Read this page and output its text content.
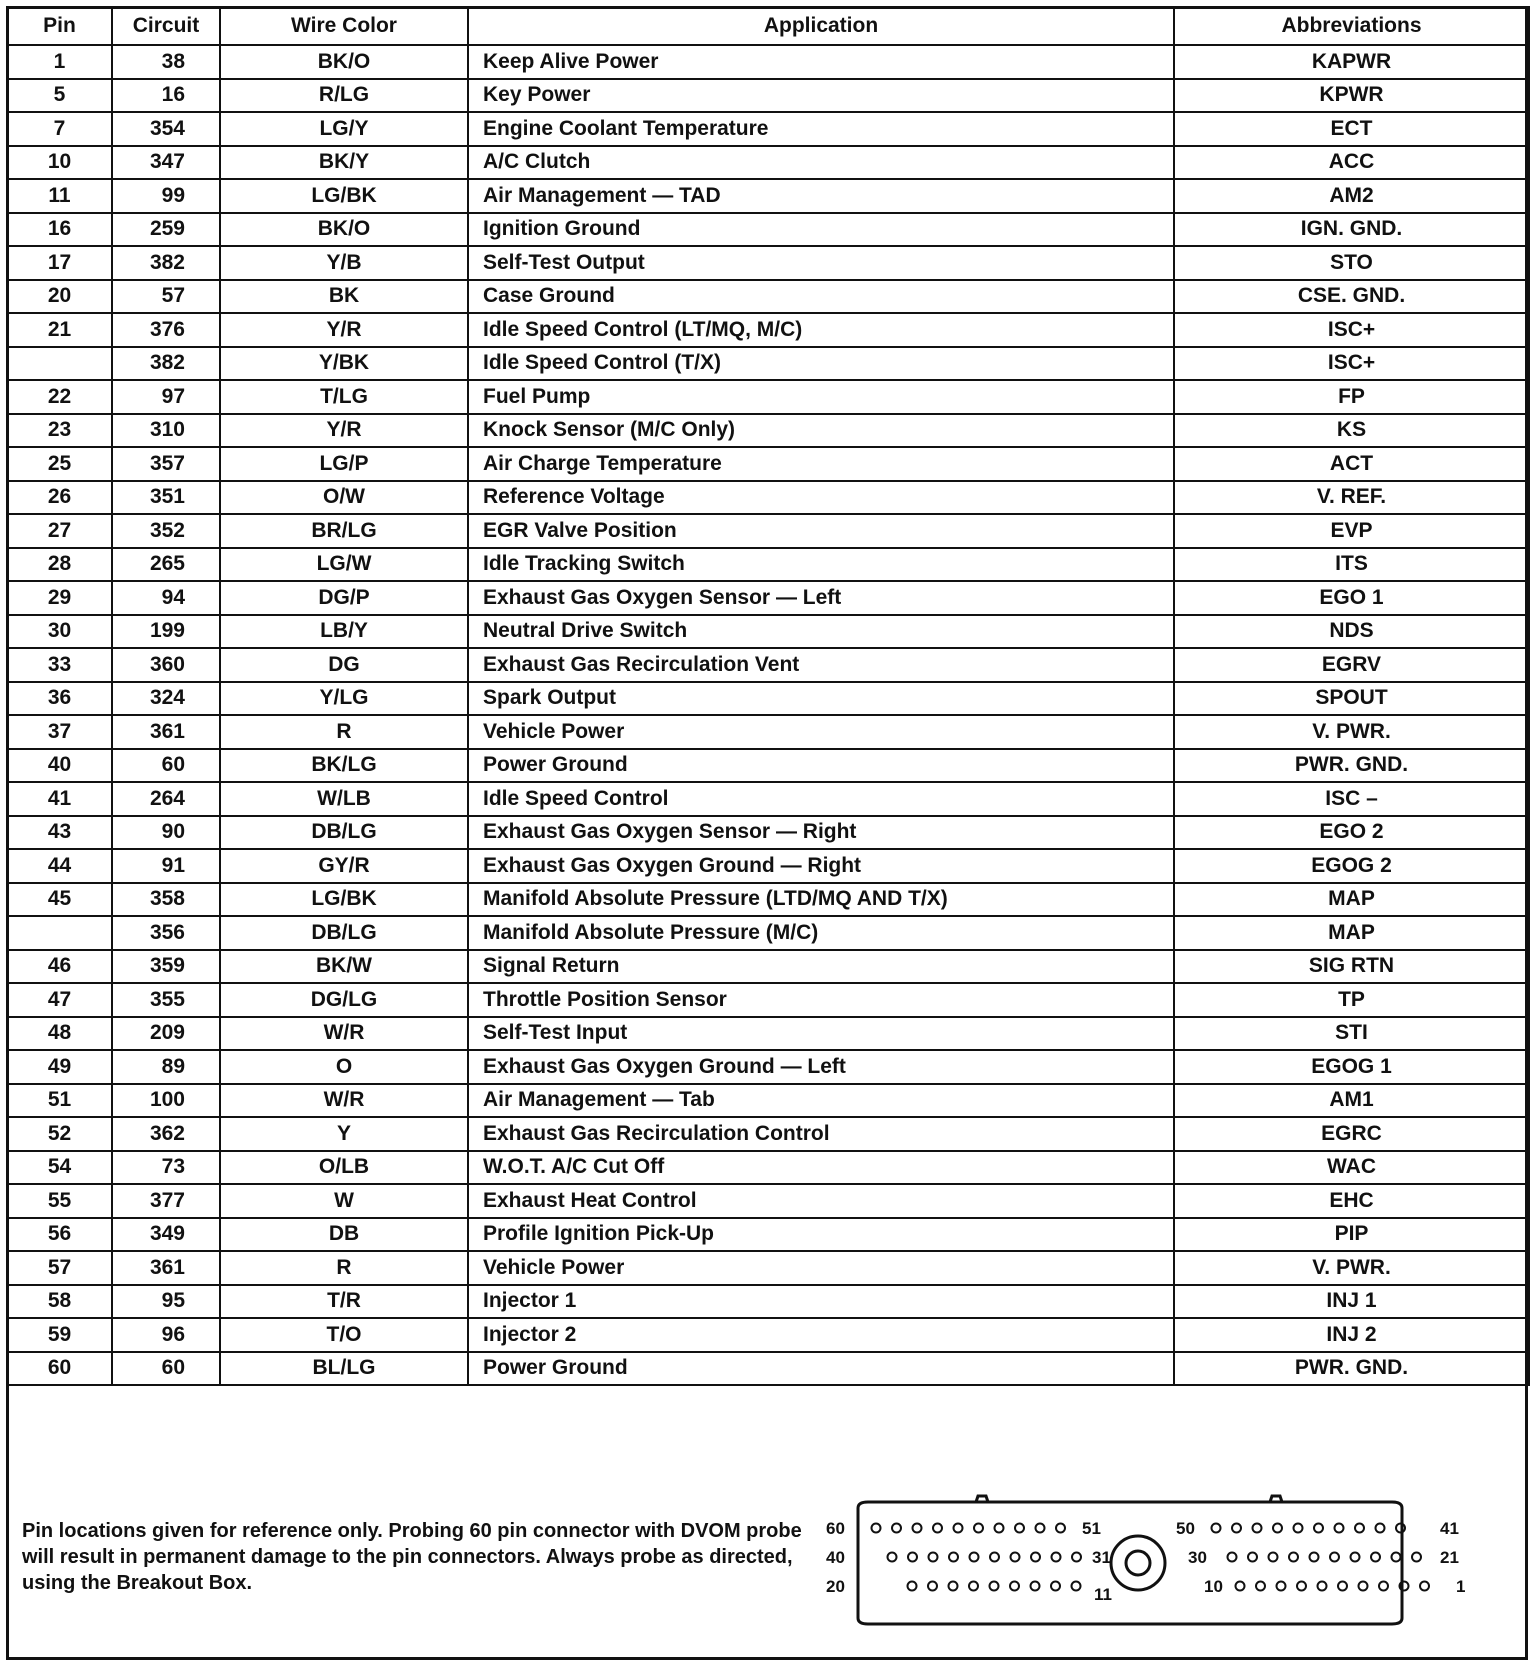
Pin	Circuit	Wire Color	Application	Abbreviations
1	38	BK/O	Keep Alive Power	KAPWR
5	16	R/LG	Key Power	KPWR
7	354	LG/Y	Engine Coolant Temperature	ECT
10	347	BK/Y	A/C Clutch	ACC
11	99	LG/BK	Air Management — TAD	AM2
16	259	BK/O	Ignition Ground	IGN. GND.
17	382	Y/B	Self-Test Output	STO
20	57	BK	Case Ground	CSE. GND.
21	376	Y/R	Idle Speed Control (LT/MQ, M/C)	ISC+
	382	Y/BK	Idle Speed Control (T/X)	ISC+
22	97	T/LG	Fuel Pump	FP
23	310	Y/R	Knock Sensor (M/C Only)	KS
25	357	LG/P	Air Charge Temperature	ACT
26	351	O/W	Reference Voltage	V. REF.
27	352	BR/LG	EGR Valve Position	EVP
28	265	LG/W	Idle Tracking Switch	ITS
29	94	DG/P	Exhaust Gas Oxygen Sensor — Left	EGO 1
30	199	LB/Y	Neutral Drive Switch	NDS
33	360	DG	Exhaust Gas Recirculation Vent	EGRV
36	324	Y/LG	Spark Output	SPOUT
37	361	R	Vehicle Power	V. PWR.
40	60	BK/LG	Power Ground	PWR. GND.
41	264	W/LB	Idle Speed Control	ISC –
43	90	DB/LG	Exhaust Gas Oxygen Sensor — Right	EGO 2
44	91	GY/R	Exhaust Gas Oxygen Ground — Right	EGOG 2
45	358	LG/BK	Manifold Absolute Pressure (LTD/MQ AND T/X)	MAP
	356	DB/LG	Manifold Absolute Pressure (M/C)	MAP
46	359	BK/W	Signal Return	SIG RTN
47	355	DG/LG	Throttle Position Sensor	TP
48	209	W/R	Self-Test Input	STI
49	89	O	Exhaust Gas Oxygen Ground — Left	EGOG 1
51	100	W/R	Air Management — Tab	AM1
52	362	Y	Exhaust Gas Recirculation Control	EGRC
54	73	O/LB	W.O.T. A/C Cut Off	WAC
55	377	W	Exhaust Heat Control	EHC
56	349	DB	Profile Ignition Pick-Up	PIP
57	361	R	Vehicle Power	V. PWR.
58	95	T/R	Injector 1	INJ 1
59	96	T/O	Injector 2	INJ 2
60	60	BL/LG	Power Ground	PWR. GND.
Pin locations given for reference only. Probing 60 pin connector with DVOM probe
will result in permanent damage to the pin connectors. Always probe as directed,
using the Breakout Box.
60
40
20
41
21
1
51
31
11
50
30
10
